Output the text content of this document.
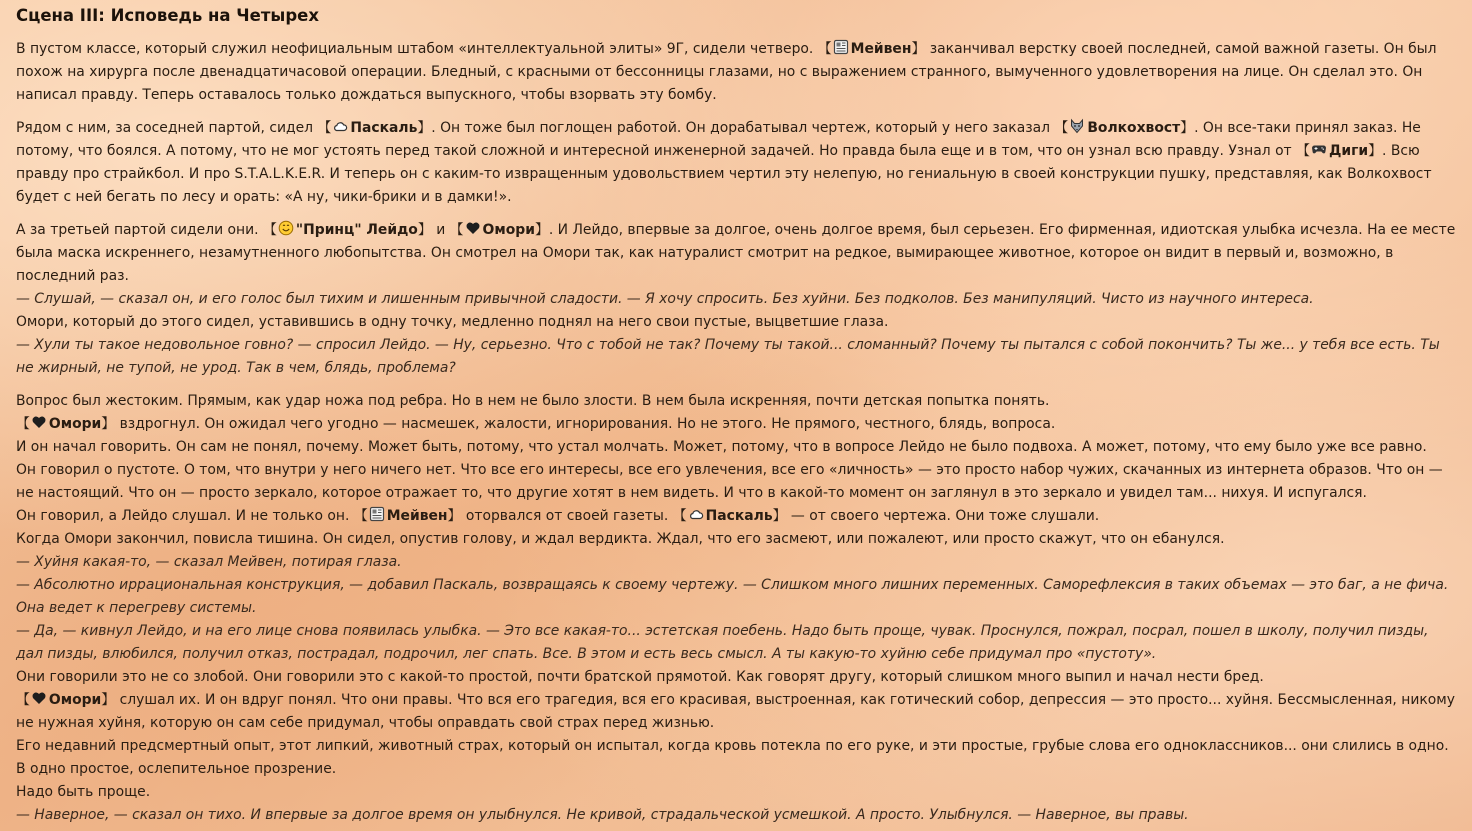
Сцена III: Исповедь на Четырех

В пустом классе, который служил неофициальным штабом «интеллектуальной элиты» 9Г, сидели четверо. 【 Мейвен】 заканчивал верстку своей последней, самой важной газеты. Он был похож на хирурга после двенадцатичасовой операции. Бледный, с красными от бессонницы глазами, но с выражением странного, вымученного удовлетворения на лице. Он сделал это. Он написал правду. Теперь оставалось только дождаться выпускного, чтобы взорвать эту бомбу.

Рядом с ним, за соседней партой, сидел 【 Паскаль】. Он тоже был поглощен работой. Он дорабатывал чертеж, который у него заказал 【 Волкохвост】. Он все-таки принял заказ. Не потому, что боялся. А потому, что не мог устоять перед такой сложной и интересной инженерной задачей. Но правда была еще и в том, что он узнал всю правду. Узнал от 【 Диги】. Всю правду про страйкбол. И про S.T.A.L.K.E.R. И теперь он с каким-то извращенным удовольствием чертил эту нелепую, но гениальную в своей конструкции пушку, представляя, как Волкохвост будет с ней бегать по лесу и орать: «А ну, чики-брики и в дамки!».

А за третьей партой сидели они. 【 "Принц" Лейдо】 и 【 Омори】. И Лейдо, впервые за долгое, очень долгое время, был серьезен. Его фирменная, идиотская улыбка исчезла. На ее месте была маска искреннего, незамутненного любопытства. Он смотрел на Омори так, как натуралист смотрит на редкое, вымирающее животное, которое он видит в первый и, возможно, в последний раз.

— Слушай, — сказал он, и его голос был тихим и лишенным привычной сладости. — Я хочу спросить. Без хуйни. Без подколов. Без манипуляций. Чисто из научного интереса.

Омори, который до этого сидел, уставившись в одну точку, медленно поднял на него свои пустые, выцветшие глаза.

— Хули ты такое недовольное говно? — спросил Лейдо. — Ну, серьезно. Что с тобой не так? Почему ты такой... сломанный? Почему ты пытался с собой покончить? Ты же... у тебя все есть. Ты не жирный, не тупой, не урод. Так в чем, блядь, проблема?

Вопрос был жестоким. Прямым, как удар ножа под ребра. Но в нем не было злости. В нем была искренняя, почти детская попытка понять.

【 Омори】 вздрогнул. Он ожидал чего угодно — насмешек, жалости, игнорирования. Но не этого. Не прямого, честного, блядь, вопроса.

И он начал говорить. Он сам не понял, почему. Может быть, потому, что устал молчать. Может, потому, что в вопросе Лейдо не было подвоха. А может, потому, что ему было уже все равно.

Он говорил о пустоте. О том, что внутри у него ничего нет. Что все его интересы, все его увлечения, все его «личность» — это просто набор чужих, скачанных из интернета образов. Что он — не настоящий. Что он — просто зеркало, которое отражает то, что другие хотят в нем видеть. И что в какой-то момент он заглянул в это зеркало и увидел там... нихуя. И испугался.

Он говорил, а Лейдо слушал. И не только он. 【 Мейвен】 оторвался от своей газеты. 【 Паскаль】 — от своего чертежа. Они тоже слушали.

Когда Омори закончил, повисла тишина. Он сидел, опустив голову, и ждал вердикта. Ждал, что его засмеют, или пожалеют, или просто скажут, что он ебанулся.

— Хуйня какая-то, — сказал Мейвен, потирая глаза.

— Абсолютно иррациональная конструкция, — добавил Паскаль, возвращаясь к своему чертежу. — Слишком много лишних переменных. Саморефлексия в таких объемах — это баг, а не фича. Она ведет к перегреву системы.

— Да, — кивнул Лейдо, и на его лице снова появилась улыбка. — Это все какая-то... эстетская поебень. Надо быть проще, чувак. Проснулся, пожрал, посрал, пошел в школу, получил пизды, дал пизды, влюбился, получил отказ, пострадал, подрочил, лег спать. Все. В этом и есть весь смысл. А ты какую-то хуйню себе придумал про «пустоту».

Они говорили это не со злобой. Они говорили это с какой-то простой, почти братской прямотой. Как говорят другу, который слишком много выпил и начал нести бред.

【 Омори】 слушал их. И он вдруг понял. Что они правы. Что вся его трагедия, вся его красивая, выстроенная, как готический собор, депрессия — это просто... хуйня. Бессмысленная, никому не нужная хуйня, которую он сам себе придумал, чтобы оправдать свой страх перед жизнью.

Его недавний предсмертный опыт, этот липкий, животный страх, который он испытал, когда кровь потекла по его руке, и эти простые, грубые слова его одноклассников... они слились в одно. В одно простое, ослепительное прозрение.

Надо быть проще.

— Наверное, — сказал он тихо. И впервые за долгое время он улыбнулся. Не кривой, страдальческой усмешкой. А просто. Улыбнулся. — Наверное, вы правы.
